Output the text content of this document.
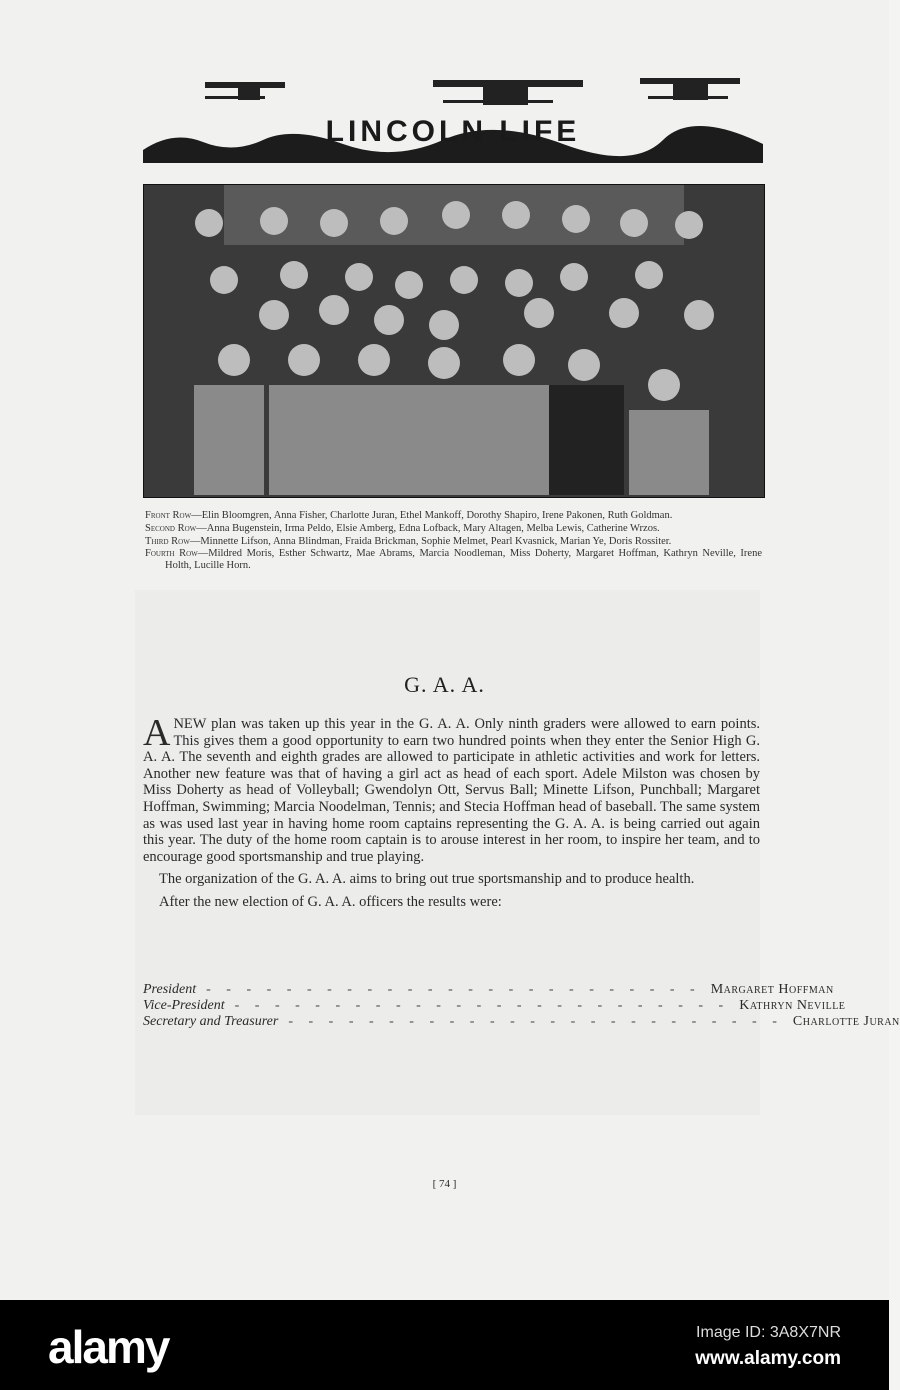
LINCOLN LIFE

Front Row—Elin Bloomgren, Anna Fisher, Charlotte Juran, Ethel Mankoff, Dorothy Shapiro, Irene Pakonen, Ruth Goldman.

Second Row—Anna Bugenstein, Irma Peldo, Elsie Amberg, Edna Lofback, Mary Altagen, Melba Lewis, Catherine Wrzos.

Third Row—Minnette Lifson, Anna Blindman, Fraida Brickman, Sophie Melmet, Pearl Kvasnick, Marian Ye, Doris Rossiter.

Fourth Row—Mildred Moris, Esther Schwartz, Mae Abrams, Marcia Noodleman, Miss Doherty, Margaret Hoffman, Kathryn Neville, Irene Holth, Lucille Horn.

G. A. A.

ANEW plan was taken up this year in the G. A. A. Only ninth graders were allowed to earn points. This gives them a good opportunity to earn two hundred points when they enter the Senior High G. A. A. The seventh and eighth grades are allowed to participate in athletic activities and work for letters. Another new feature was that of having a girl act as head of each sport. Adele Milston was chosen by Miss Doherty as head of Volleyball; Gwendolyn Ott, Servus Ball; Minette Lifson, Punchball; Margaret Hoffman, Swimming; Marcia Noodelman, Tennis; and Stecia Hoffman head of baseball. The same system as was used last year in having home room captains representing the G. A. A. is being carried out again this year. The duty of the home room captain is to arouse interest in her room, to inspire her team, and to encourage good sportsmanship and true playing.

The organization of the G. A. A. aims to bring out true sportsmanship and to produce health.

After the new election of G. A. A. officers the results were:

President - - - - - - - - - - - - - - - - - - - - - - - - - Margaret Hoffman
Vice-President - - - - - - - - - - - - - - - - - - - - - - - - - Kathryn Neville
Secretary and Treasurer - - - - - - - - - - - - - - - - - - - - - - - - - Charlotte Juran
[ 74 ]
alamy	Image ID: 3A8X7NR
www.alamy.com
